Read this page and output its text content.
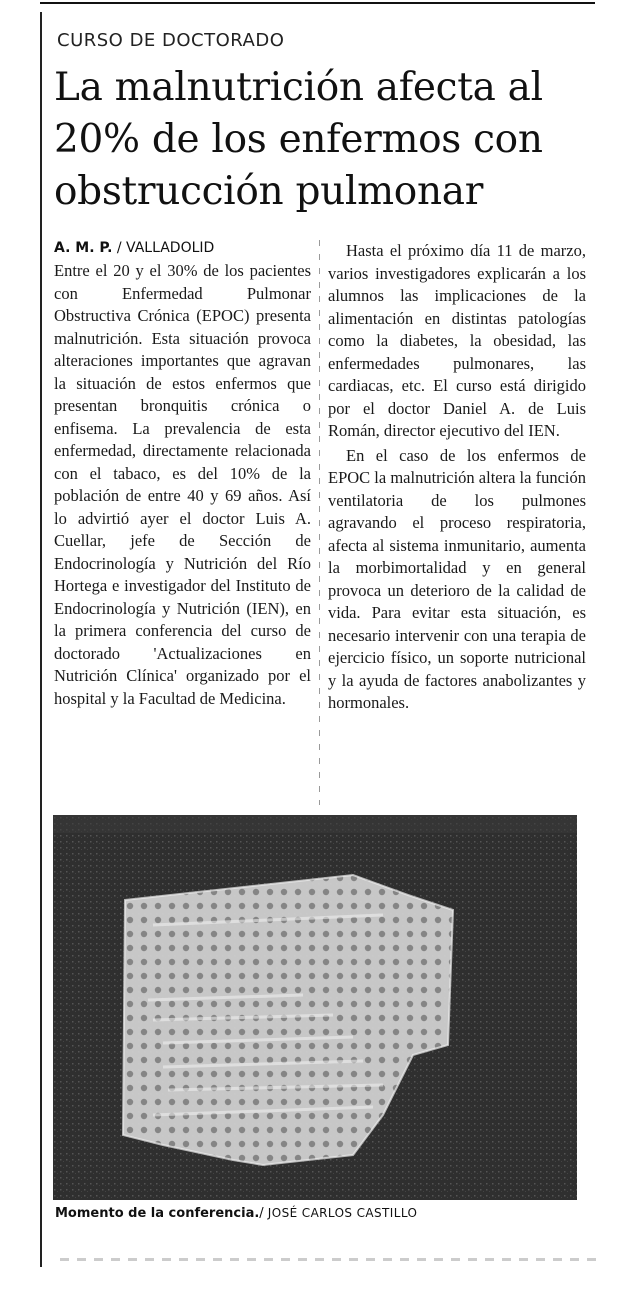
CURSO DE DOCTORADO
La malnutrición afecta al
20% de los enfermos con
obstrucción pulmonar
A. M. P. / VALLADOLID

Entre el 20 y el 30% de los pacientes con Enfermedad Pulmonar Obstructiva Crónica (EPOC) presenta malnutrición. Esta situación provoca alteraciones importantes que agravan la situación de estos enfermos que presentan bronquitis crónica o enfisema. La prevalencia de esta enfermedad, directamente relacionada con el tabaco, es del 10% de la población de entre 40 y 69 años. Así lo advirtió ayer el doctor Luis A. Cuellar, jefe de Sección de Endocrinología y Nutrición del Río Hortega e investigador del Instituto de Endocrinología y Nutrición (IEN), en la primera conferencia del curso de doctorado 'Actualizaciones en Nutrición Clínica' organizado por el hospital y la Facultad de Medicina.

Hasta el próximo día 11 de marzo, varios investigadores explicarán a los alumnos las implicaciones de la alimentación en distintas patologías como la diabetes, la obesidad, las enfermedades pulmonares, las cardiacas, etc. El curso está dirigido por el doctor Daniel A. de Luis Román, director ejecutivo del IEN.

En el caso de los enfermos de EPOC la malnutrición altera la función ventilatoria de los pulmones agravando el proceso respiratoria, afecta al sistema inmunitario, aumenta la morbimortalidad y en general provoca un deterioro de la calidad de vida. Para evitar esta situación, es necesario intervenir con una terapia de ejercicio físico, un soporte nutricional y la ayuda de factores anabolizantes y hormonales.

Momento de la conferencia./ JOSÉ CARLOS CASTILLO
